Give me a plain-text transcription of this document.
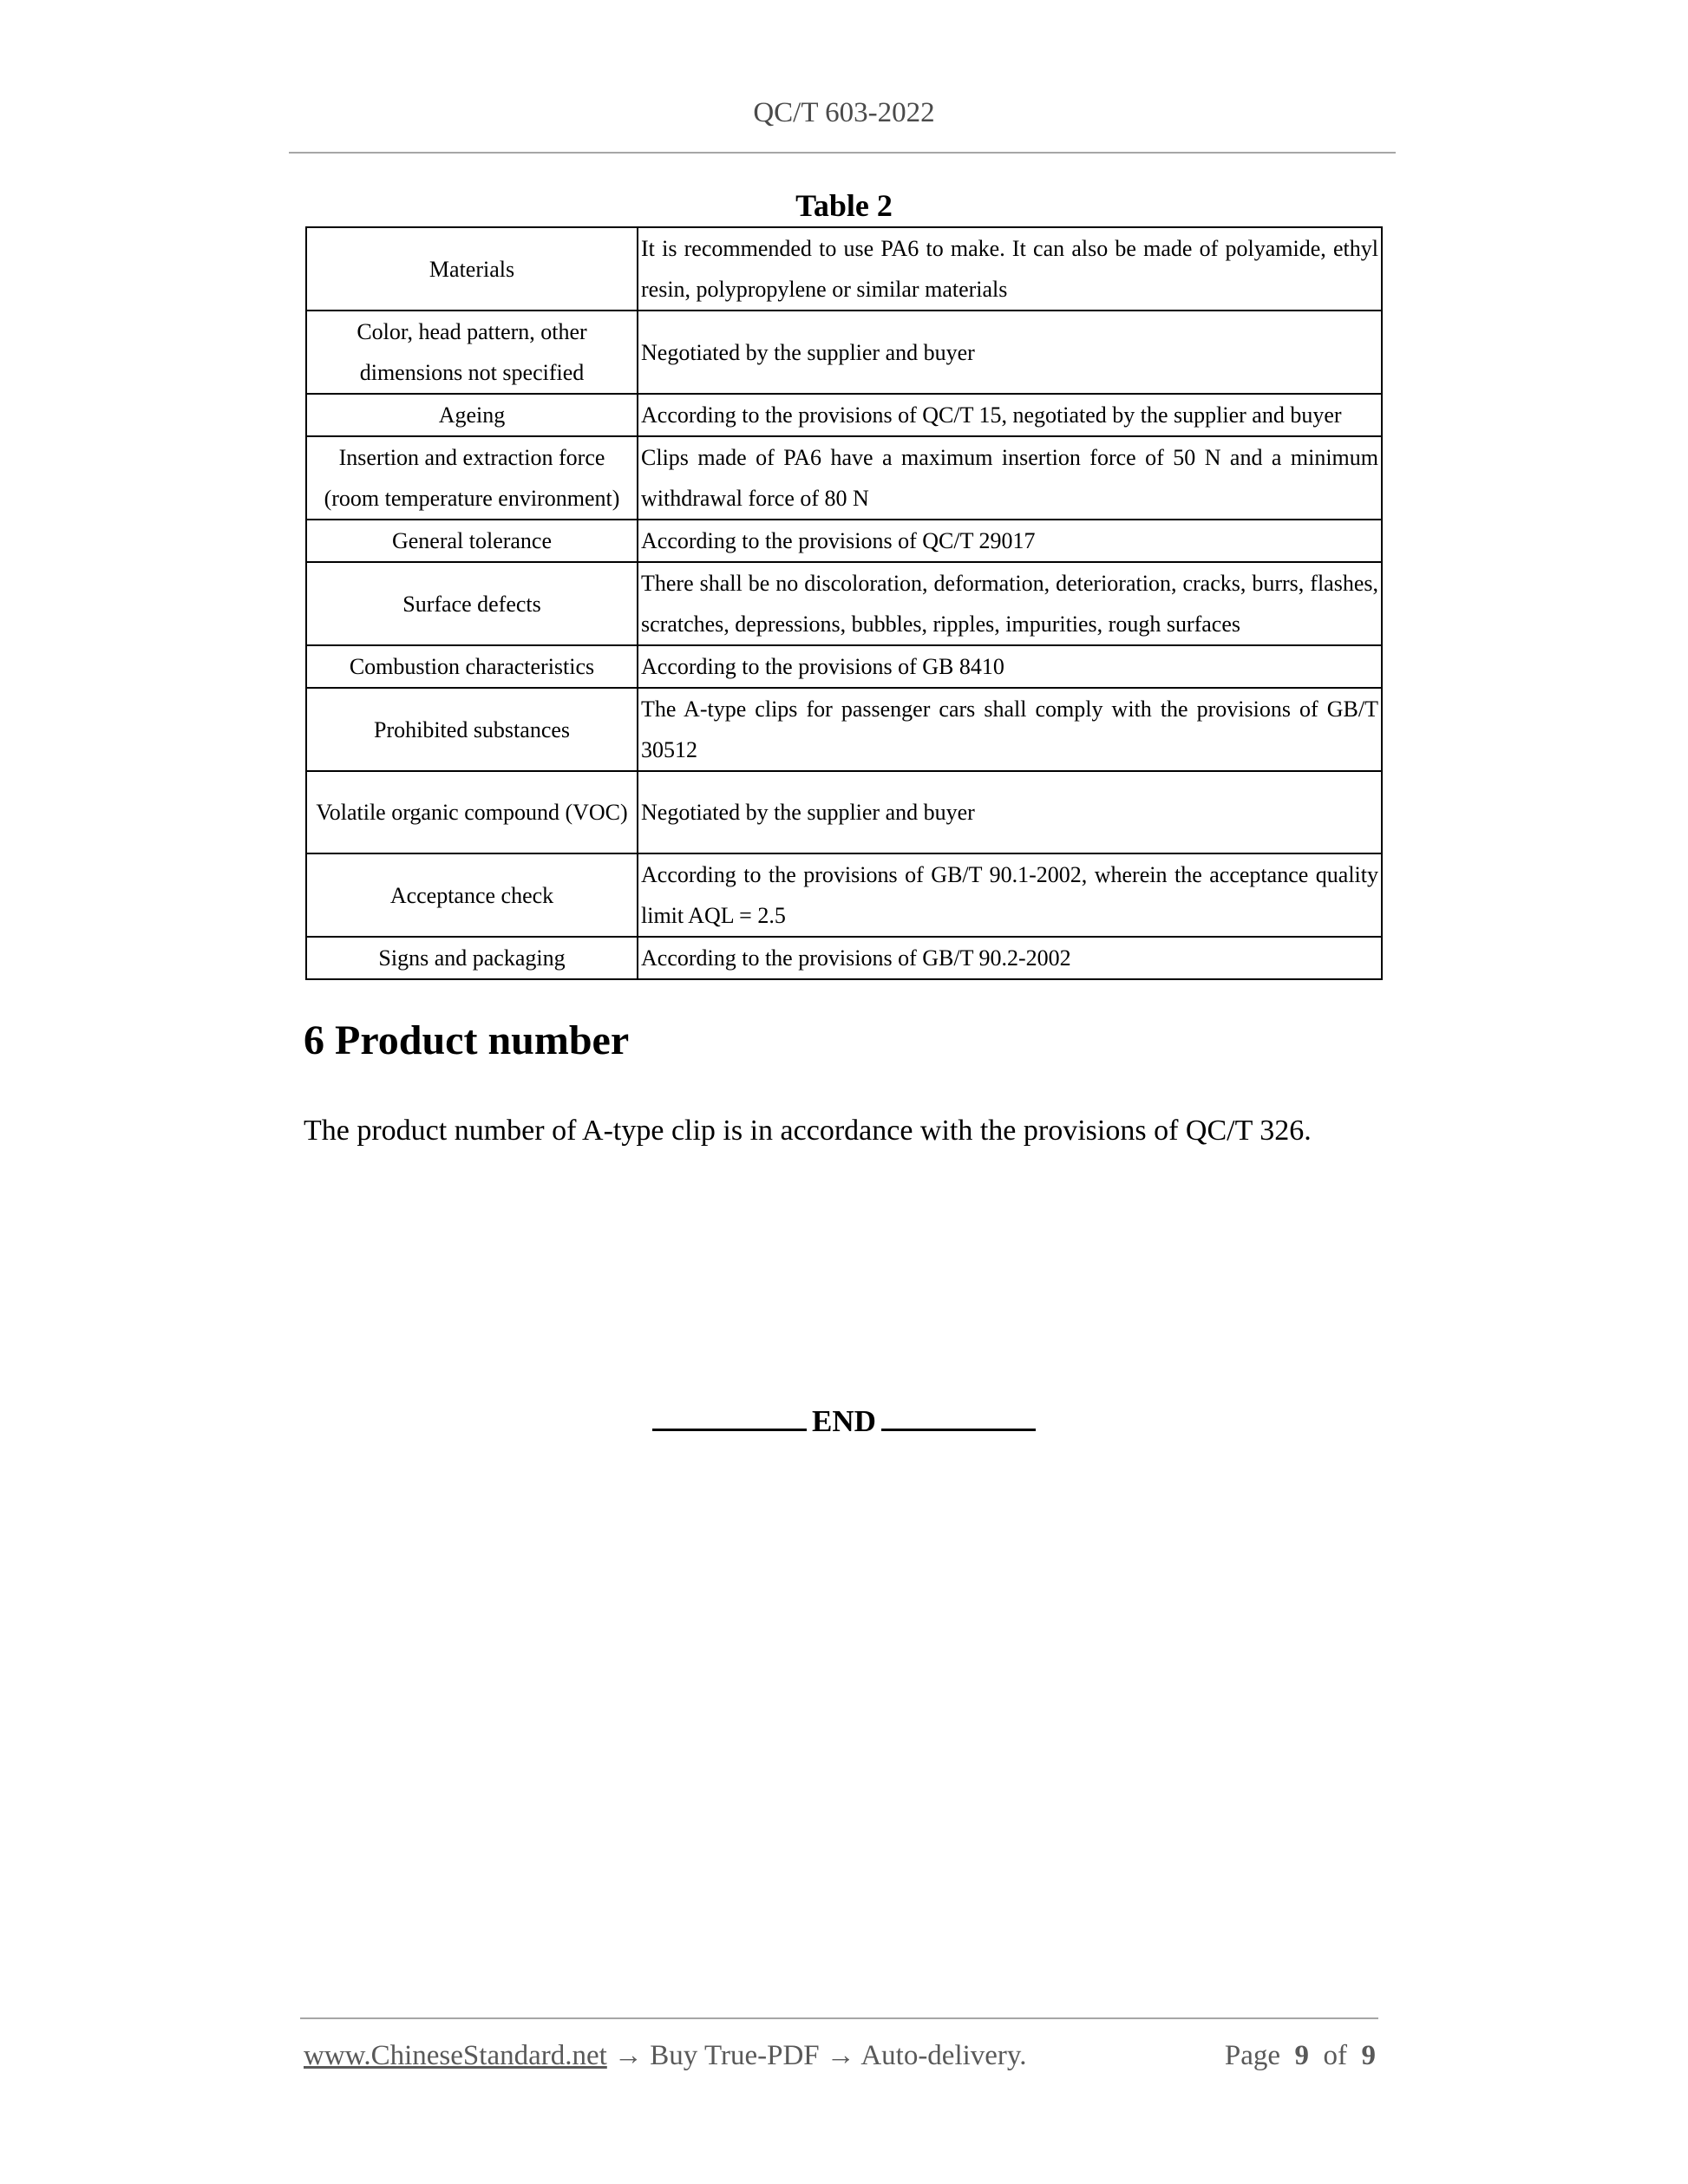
QC/T 603-2022
Table 2
Materials	It is recommended to use PA6 to make. It can also be made of polyamide, ethyl resin, polypropylene or similar materials
Color, head pattern, other dimensions not specified	Negotiated by the supplier and buyer
Ageing	According to the provisions of QC/T 15, negotiated by the supplier and buyer
Insertion and extraction force (room temperature environment)	Clips made of PA6 have a maximum insertion force of 50 N and a minimum withdrawal force of 80 N
General tolerance	According to the provisions of QC/T 29017
Surface defects	There shall be no discoloration, deformation, deterioration, cracks, burrs, flashes, scratches, depressions, bubbles, ripples, impurities, rough surfaces
Combustion characteristics	According to the provisions of GB 8410
Prohibited substances	The A-type clips for passenger cars shall comply with the provisions of GB/T 30512
Volatile organic compound (VOC)	Negotiated by the supplier and buyer
Acceptance check	According to the provisions of GB/T 90.1-2002, wherein the acceptance quality limit AQL = 2.5
Signs and packaging	According to the provisions of GB/T 90.2-2002
6 Product number
The product number of A-type clip is in accordance with the provisions of QC/T 326.
END
www.ChineseStandard.net → Buy True-PDF → Auto-delivery.	Page 9 of 9
